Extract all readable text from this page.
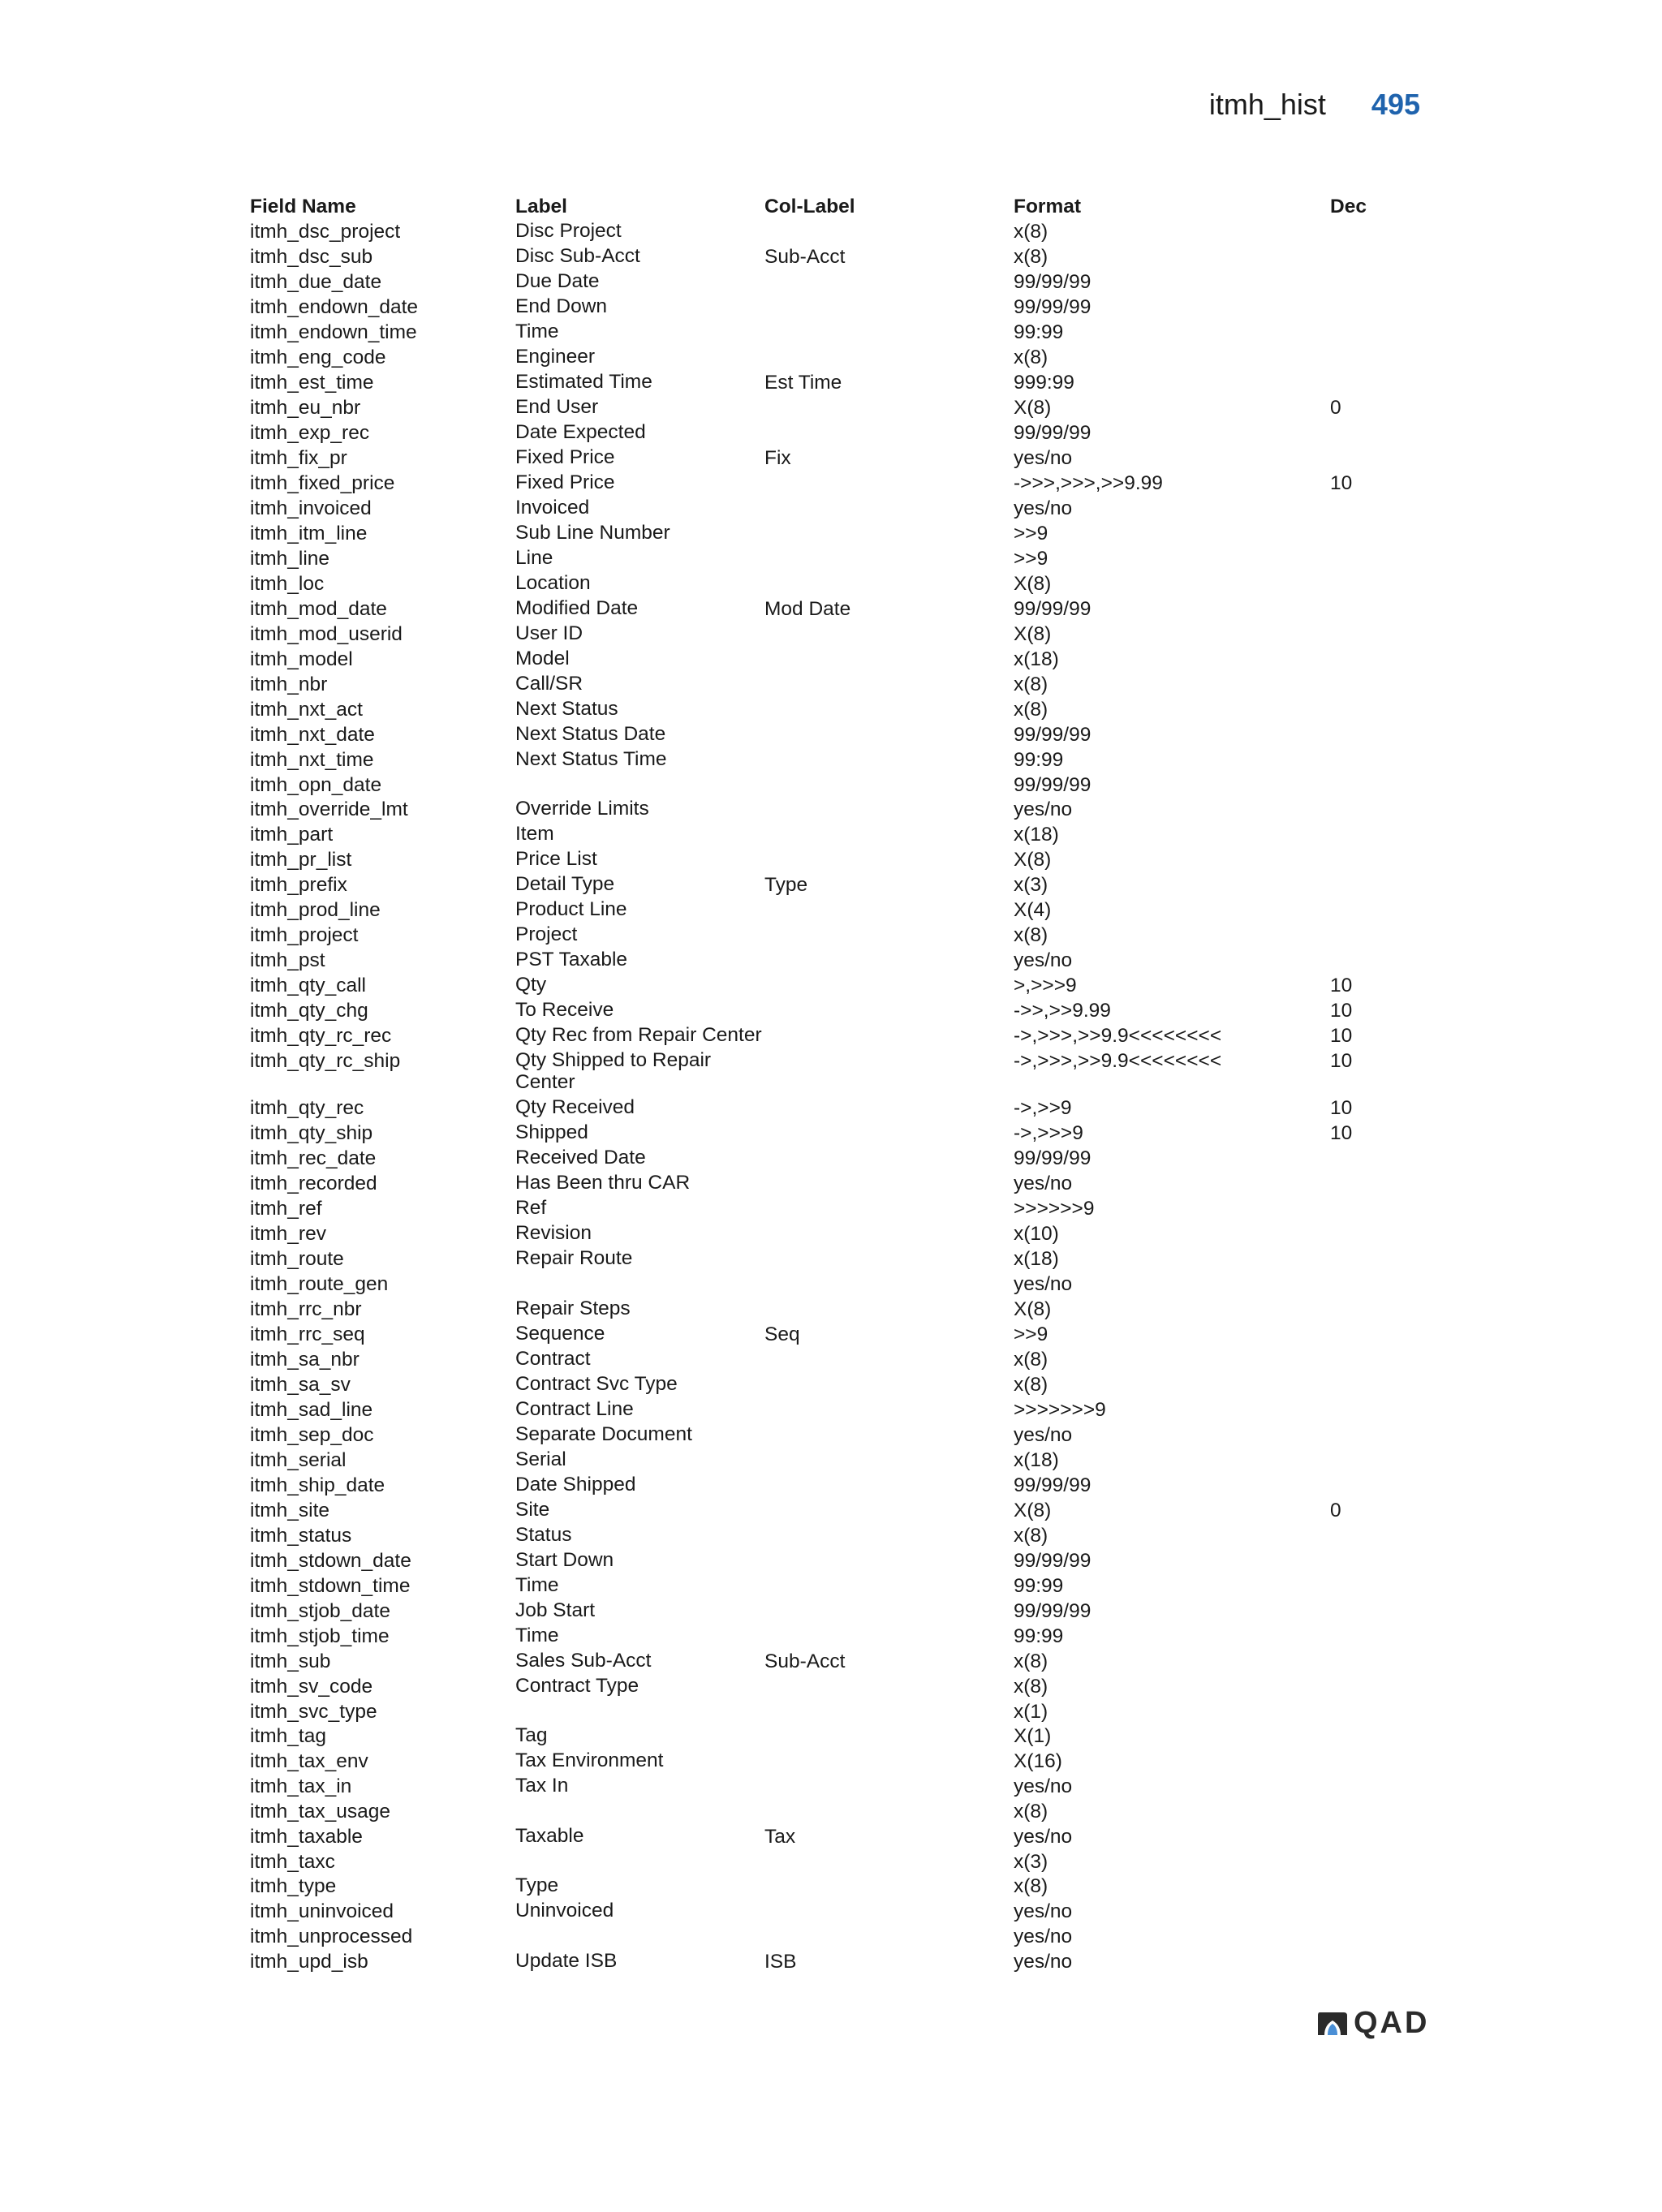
itmh_hist 495
Field Name	Label	Col-Label	Format	Dec
itmh_dsc_project	Disc Project		x(8)	
itmh_dsc_sub	Disc Sub-Acct	Sub-Acct	x(8)	
itmh_due_date	Due Date		99/99/99	
itmh_endown_date	End Down		99/99/99	
itmh_endown_time	Time		99:99	
itmh_eng_code	Engineer		x(8)	
itmh_est_time	Estimated Time	Est Time	999:99	
itmh_eu_nbr	End User		X(8)	0
itmh_exp_rec	Date Expected		99/99/99	
itmh_fix_pr	Fixed Price	Fix	yes/no	
itmh_fixed_price	Fixed Price		->>>,>>>,>>9.99	10
itmh_invoiced	Invoiced		yes/no	
itmh_itm_line	Sub Line Number		>>9	
itmh_line	Line		>>9	
itmh_loc	Location		X(8)	
itmh_mod_date	Modified Date	Mod Date	99/99/99	
itmh_mod_userid	User ID		X(8)	
itmh_model	Model		x(18)	
itmh_nbr	Call/SR		x(8)	
itmh_nxt_act	Next Status		x(8)	
itmh_nxt_date	Next Status Date		99/99/99	
itmh_nxt_time	Next Status Time		99:99	
itmh_opn_date			99/99/99	
itmh_override_lmt	Override Limits		yes/no	
itmh_part	Item		x(18)	
itmh_pr_list	Price List		X(8)	
itmh_prefix	Detail Type	Type	x(3)	
itmh_prod_line	Product Line		X(4)	
itmh_project	Project		x(8)	
itmh_pst	PST Taxable		yes/no	
itmh_qty_call	Qty		>,>>>9	10
itmh_qty_chg	To Receive		->>,>>9.99	10
itmh_qty_rc_rec	Qty Rec from Repair Center		->,>>>,>>9.9<<<<<<<<	10
itmh_qty_rc_ship	Qty Shipped to Repair Center		->,>>>,>>9.9<<<<<<<<	10
itmh_qty_rec	Qty Received		->,>>9	10
itmh_qty_ship	Shipped		->,>>>9	10
itmh_rec_date	Received Date		99/99/99	
itmh_recorded	Has Been thru CAR		yes/no	
itmh_ref	Ref		>>>>>>9	
itmh_rev	Revision		x(10)	
itmh_route	Repair Route		x(18)	
itmh_route_gen			yes/no	
itmh_rrc_nbr	Repair Steps		X(8)	
itmh_rrc_seq	Sequence	Seq	>>9	
itmh_sa_nbr	Contract		x(8)	
itmh_sa_sv	Contract Svc Type		x(8)	
itmh_sad_line	Contract Line		>>>>>>>9	
itmh_sep_doc	Separate Document		yes/no	
itmh_serial	Serial		x(18)	
itmh_ship_date	Date Shipped		99/99/99	
itmh_site	Site		X(8)	0
itmh_status	Status		x(8)	
itmh_stdown_date	Start Down		99/99/99	
itmh_stdown_time	Time		99:99	
itmh_stjob_date	Job Start		99/99/99	
itmh_stjob_time	Time		99:99	
itmh_sub	Sales Sub-Acct	Sub-Acct	x(8)	
itmh_sv_code	Contract Type		x(8)	
itmh_svc_type			x(1)	
itmh_tag	Tag		X(1)	
itmh_tax_env	Tax Environment		X(16)	
itmh_tax_in	Tax In		yes/no	
itmh_tax_usage			x(8)	
itmh_taxable	Taxable	Tax	yes/no	
itmh_taxc			x(3)	
itmh_type	Type		x(8)	
itmh_uninvoiced	Uninvoiced		yes/no	
itmh_unprocessed			yes/no	
itmh_upd_isb	Update ISB	ISB	yes/no	
QAD
